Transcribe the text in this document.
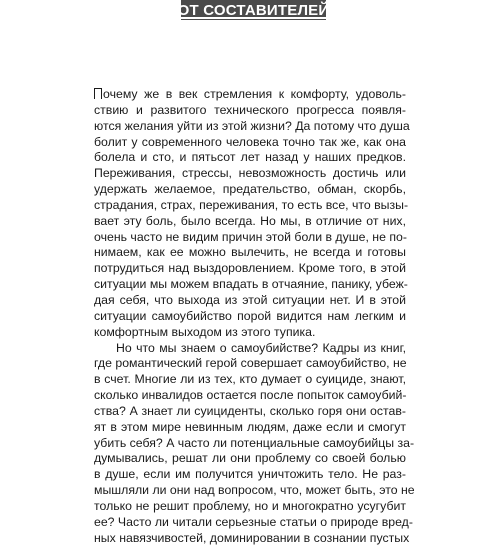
ОТ СОСТАВИТЕЛЕЙ
очему же в век стремления к комфорту, удоволь-
ствию и развитого технического прогресса появля-
ются желания уйти из этой жизни? Да потому что душа
болит у современного человека точно так же, как она
болела и сто, и пятьсот лет назад у наших предков.
Переживания, стрессы, невозможность достичь или
удержать желаемое, предательство, обман, скорбь,
страдания, страх, переживания, то есть все, что вызы-
вает эту боль, было всегда. Но мы, в отличие от них,
очень часто не видим причин этой боли в душе, не по-
нимаем, как ее можно вылечить, не всегда и готовы
потрудиться над выздоровлением. Кроме того, в этой
ситуации мы можем впадать в отчаяние, панику, убеж-
дая себя, что выхода из этой ситуации нет. И в этой
ситуации самоубийство порой видится нам легким и
комфортным выходом из этого тупика.
Но что мы знаем о самоубийстве? Кадры из книг,
где романтический герой совершает самоубийство, не
в счет. Многие ли из тех, кто думает о суициде, знают,
сколько инвалидов остается после попыток самоубий-
ства? А знает ли суициденты, сколько горя они остав-
ят в этом мире невинным людям, даже если и смогут
убить себя? А часто ли потенциальные самоубийцы за-
думывались, решат ли они проблему со своей болью
в душе, если им получится уничтожить тело. Не раз-
мышляли ли они над вопросом, что, может быть, это не
только не решит проблему, но и многократно усугубит
ее? Часто ли читали серьезные статьи о природе вред-
ных навязчивостей, доминировании в сознании пустых
